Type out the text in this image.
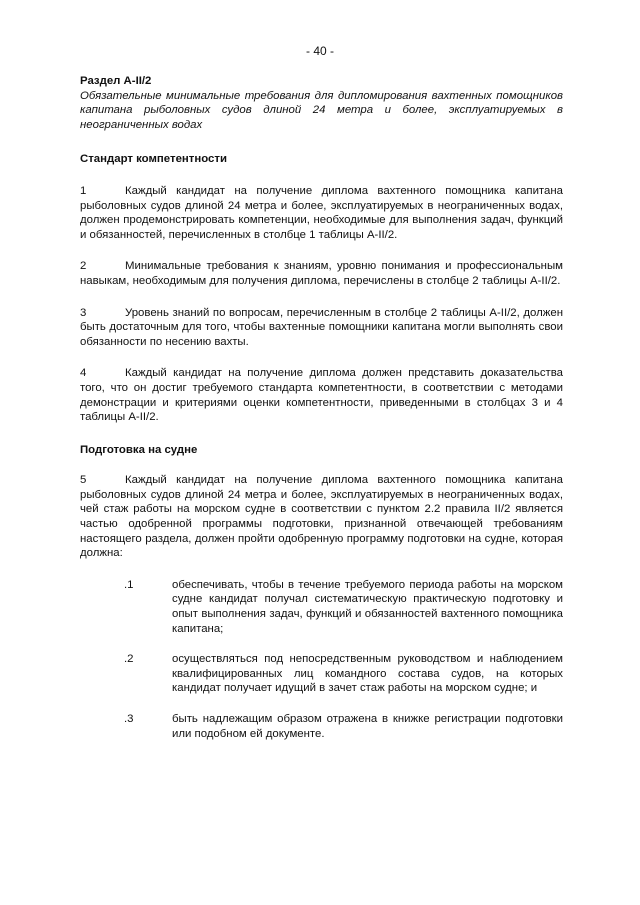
- 40 -

Раздел A-II/2

Обязательные минимальные требования для дипломирования вахтенных помощников капитана рыболовных судов длиной 24 метра и более, эксплуатируемых в неограниченных водах

Стандарт компетентности

1	Каждый кандидат на получение диплома вахтенного помощника капитана рыболовных судов длиной 24 метра и более, эксплуатируемых в неограниченных водах, должен продемонстрировать компетенции, необходимые для выполнения задач, функций и обязанностей, перечисленных в столбце 1 таблицы A-II/2.

2	Минимальные требования к знаниям, уровню понимания и профессиональным навыкам, необходимым для получения диплома, перечислены в столбце 2 таблицы A-II/2.

3	Уровень знаний по вопросам, перечисленным в столбце 2 таблицы A-II/2, должен быть достаточным для того, чтобы вахтенные помощники капитана могли выполнять свои обязанности по несению вахты.

4	Каждый кандидат на получение диплома должен представить доказательства того, что он достиг требуемого стандарта компетентности, в соответствии с методами демонстрации и критериями оценки компетентности, приведенными в столбцах 3 и 4 таблицы A-II/2.

Подготовка на судне

5	Каждый кандидат на получение диплома вахтенного помощника капитана рыболовных судов длиной 24 метра и более, эксплуатируемых в неограниченных водах, чей стаж работы на морском судне в соответствии с пунктом 2.2 правила II/2 является частью одобренной программы подготовки, признанной отвечающей требованиям настоящего раздела, должен пройти одобренную программу подготовки на судне, которая должна:

.1	обеспечивать, чтобы в течение требуемого периода работы на морском судне кандидат получал систематическую практическую подготовку и опыт выполнения задач, функций и обязанностей вахтенного помощника капитана;
.2	осуществляться под непосредственным руководством и наблюдением квалифицированных лиц командного состава судов, на которых кандидат получает идущий в зачет стаж работы на морском судне; и
.3	быть надлежащим образом отражена в книжке регистрации подготовки или подобном ей документе.
